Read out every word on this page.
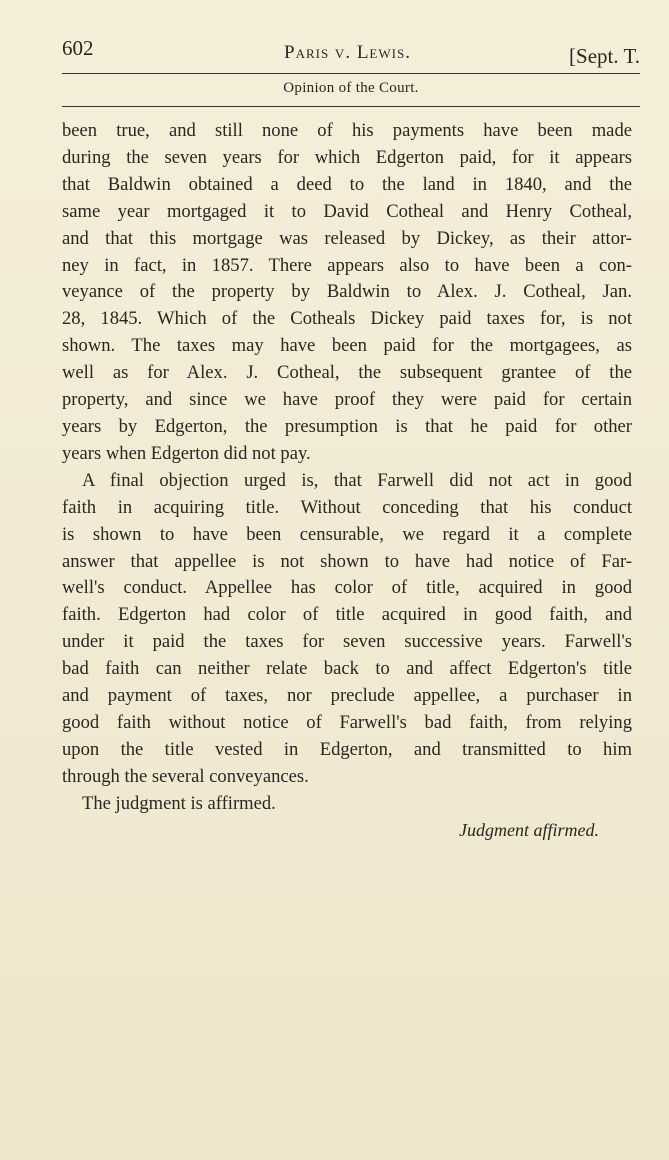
602	Paris v. Lewis.	[Sept. T.
Opinion of the Court.
been true, and still none of his payments have been made
during the seven years for which Edgerton paid, for it appears
that Baldwin obtained a deed to the land in 1840, and the
same year mortgaged it to David Cotheal and Henry Cotheal,
and that this mortgage was released by Dickey, as their attor-
ney in fact, in 1857. There appears also to have been a con-
veyance of the property by Baldwin to Alex. J. Cotheal, Jan.
28, 1845. Which of the Cotheals Dickey paid taxes for, is not
shown. The taxes may have been paid for the mortgagees, as
well as for Alex. J. Cotheal, the subsequent grantee of the
property, and since we have proof they were paid for certain
years by Edgerton, the presumption is that he paid for other
years when Edgerton did not pay.
A final objection urged is, that Farwell did not act in good
faith in acquiring title. Without conceding that his conduct
is shown to have been censurable, we regard it a complete
answer that appellee is not shown to have had notice of Far-
well's conduct. Appellee has color of title, acquired in good
faith. Edgerton had color of title acquired in good faith, and
under it paid the taxes for seven successive years. Farwell's
bad faith can neither relate back to and affect Edgerton's title
and payment of taxes, nor preclude appellee, a purchaser in
good faith without notice of Farwell's bad faith, from relying
upon the title vested in Edgerton, and transmitted to him
through the several conveyances.
The judgment is affirmed.
Judgment affirmed.
